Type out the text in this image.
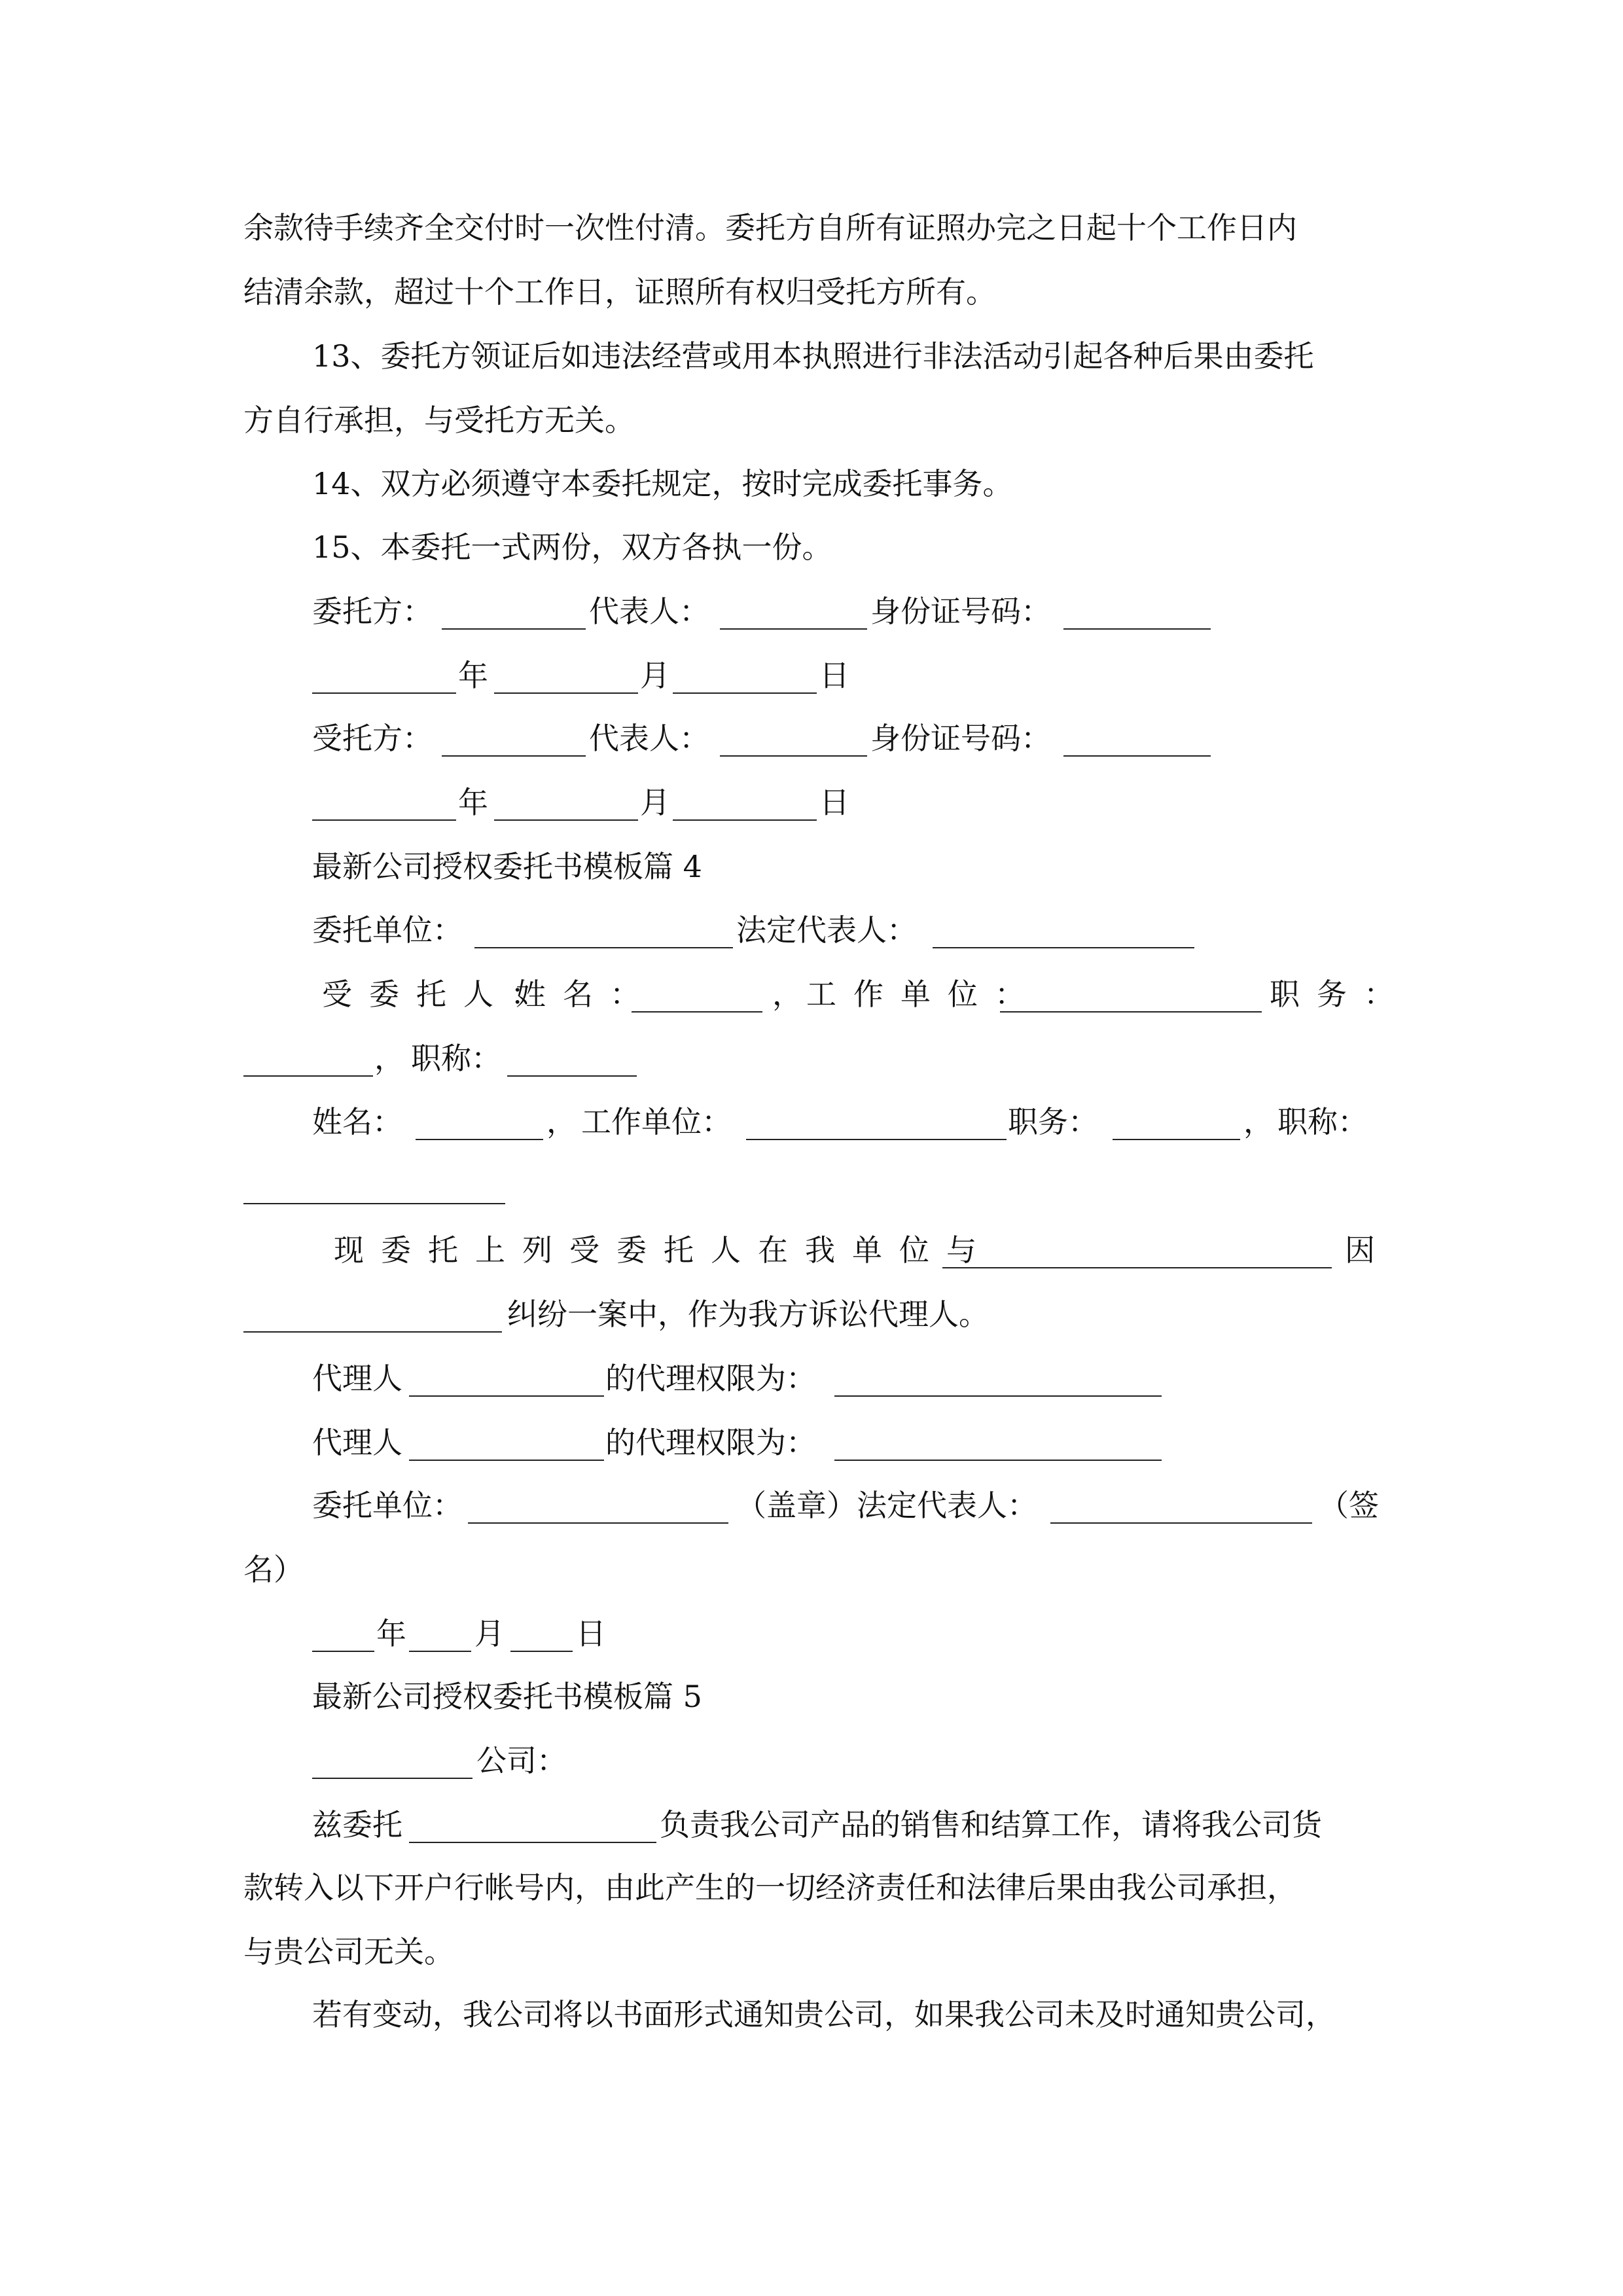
余款待手续齐全交付时一次性付清。委托方自所有证照办完之日起十个工作日内
结清余款，超过十个工作日，证照所有权归受托方所有。
13、委托方领证后如违法经营或用本执照进行非法活动引起各种后果由委托
方自行承担，与受托方无关。
14、双方必须遵守本委托规定，按时完成委托事务。
15、本委托一式两份，双方各执一份。
委托方：	代表人：	身份证号码：
年	月	日
受托方：	代表人：	身份证号码：
年	月	日
最新公司授权委托书模板篇 4
委托单位：	法定代表人：
受委托人：
姓名：	， 工作单位：	职务：
， 职称：
姓名：	， 工作单位：	职务：	， 职称：
现委托上列受委托人在我单位与	因
纠纷一案中，作为我方诉讼代理人。
代理人	的代理权限为：
代理人	的代理权限为：
委托单位：	（盖章）法定代表人：	（签
名）
年 月 日
最新公司授权委托书模板篇 5
公司：
兹委托	负责我公司产品的销售和结算工作，请将我公司货
款转入以下开户行帐号内，由此产生的一切经济责任和法律后果由我公司承担，
与贵公司无关。
若有变动，我公司将以书面形式通知贵公司，如果我公司未及时通知贵公司，
